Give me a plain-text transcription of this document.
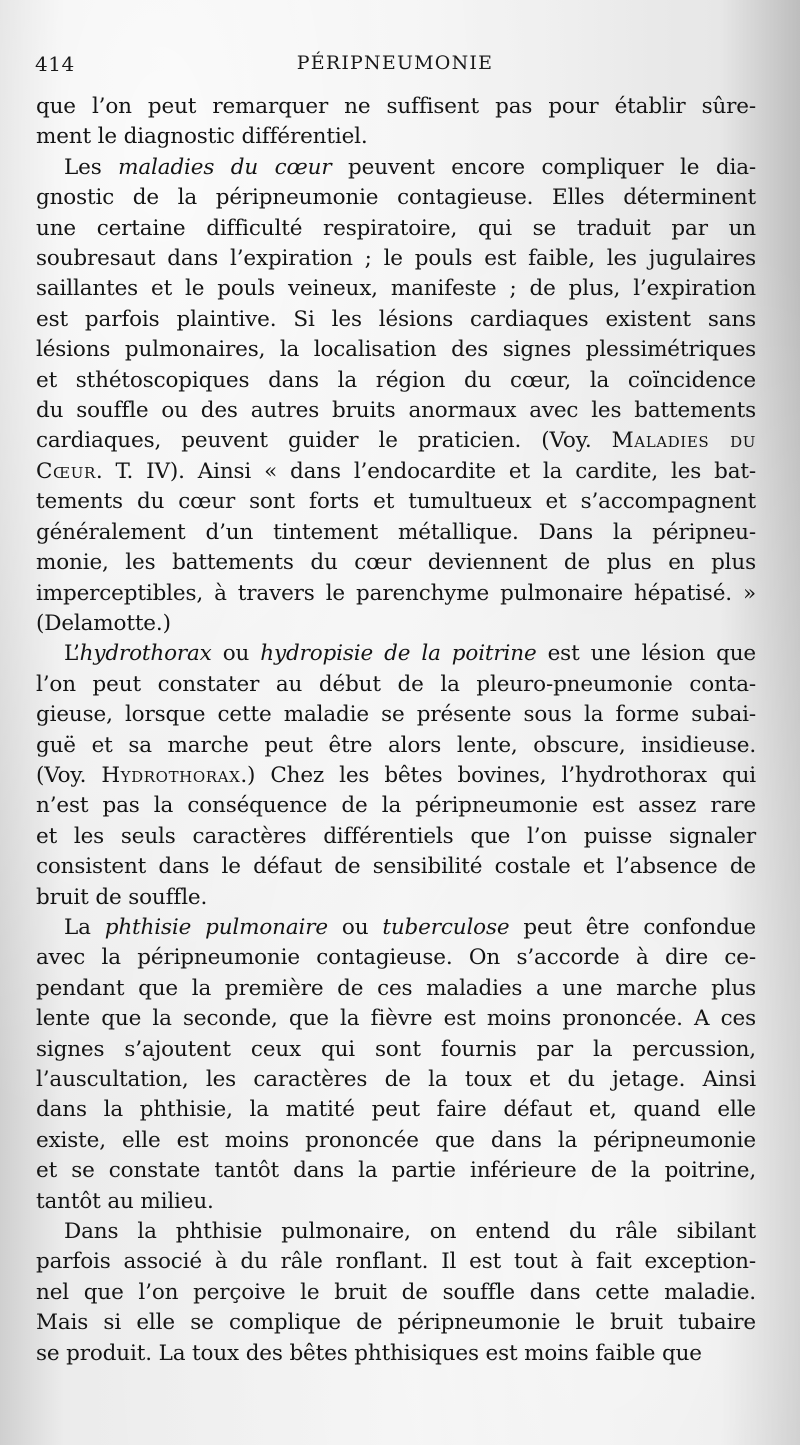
414	PÉRIPNEUMONIE
que l’on peut remarquer ne suffisent pas pour établir sûre-
ment le diagnostic différentiel.
Les maladies du cœur peuvent encore compliquer le dia-
gnostic de la péripneumonie contagieuse. Elles déterminent
une certaine difficulté respiratoire, qui se traduit par un
soubresaut dans l’expiration ; le pouls est faible, les jugulaires
saillantes et le pouls veineux, manifeste ; de plus, l’expiration
est parfois plaintive. Si les lésions cardiaques existent sans
lésions pulmonaires, la localisation des signes plessimétriques
et sthétoscopiques dans la région du cœur, la coïncidence
du souffle ou des autres bruits anormaux avec les battements
cardiaques, peuvent guider le praticien. (Voy. Maladies du
Cœur. T. IV). Ainsi « dans l’endocardite et la cardite, les bat-
tements du cœur sont forts et tumultueux et s’accompagnent
généralement d’un tintement métallique. Dans la péripneu-
monie, les battements du cœur deviennent de plus en plus
imperceptibles, à travers le parenchyme pulmonaire hépatisé. »
(Delamotte.)
L’hydrothorax ou hydropisie de la poitrine est une lésion que
l’on peut constater au début de la pleuro-pneumonie conta-
gieuse, lorsque cette maladie se présente sous la forme subai-
guë et sa marche peut être alors lente, obscure, insidieuse.
(Voy. Hydrothorax.) Chez les bêtes bovines, l’hydrothorax qui
n’est pas la conséquence de la péripneumonie est assez rare
et les seuls caractères différentiels que l’on puisse signaler
consistent dans le défaut de sensibilité costale et l’absence de
bruit de souffle.
La phthisie pulmonaire ou tuberculose peut être confondue
avec la péripneumonie contagieuse. On s’accorde à dire ce-
pendant que la première de ces maladies a une marche plus
lente que la seconde, que la fièvre est moins prononcée. A ces
signes s’ajoutent ceux qui sont fournis par la percussion,
l’auscultation, les caractères de la toux et du jetage. Ainsi
dans la phthisie, la matité peut faire défaut et, quand elle
existe, elle est moins prononcée que dans la péripneumonie
et se constate tantôt dans la partie inférieure de la poitrine,
tantôt au milieu.
Dans la phthisie pulmonaire, on entend du râle sibilant
parfois associé à du râle ronflant. Il est tout à fait exception-
nel que l’on perçoive le bruit de souffle dans cette maladie.
Mais si elle se complique de péripneumonie le bruit tubaire
se produit. La toux des bêtes phthisiques est moins faible que
